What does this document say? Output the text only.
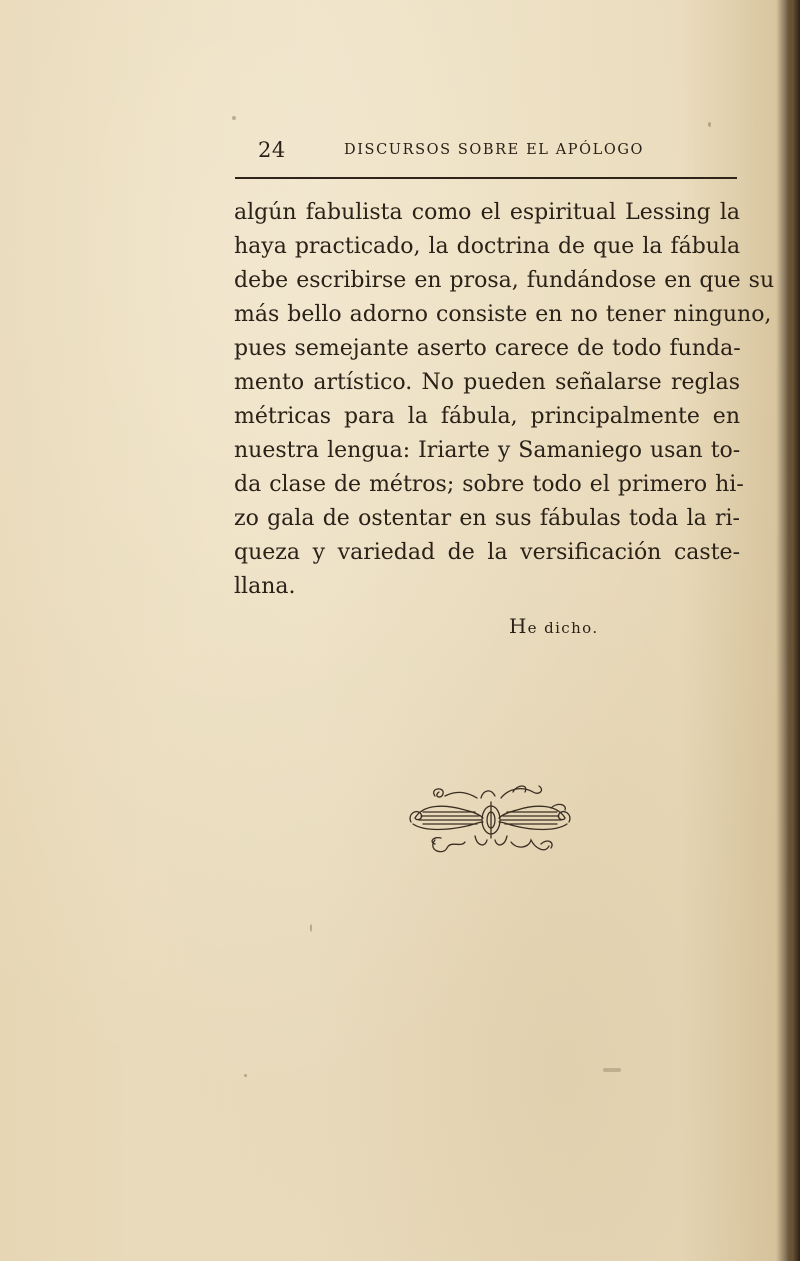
24	DISCURSOS SOBRE EL APÓLOGO
algún fabulista como el espiritual Lessing la
haya practicado, la doctrina de que la fábula
debe escribirse en prosa, fundándose en que su
más bello adorno consiste en no tener ninguno,
pues semejante aserto carece de todo funda-
mento artístico. No pueden señalarse reglas
métricas para la fábula, principalmente en
nuestra lengua: Iriarte y Samaniego usan to-
da clase de métros; sobre todo el primero hi-
zo gala de ostentar en sus fábulas toda la ri-
queza y variedad de la versificación caste-
llana.
He dicho.
